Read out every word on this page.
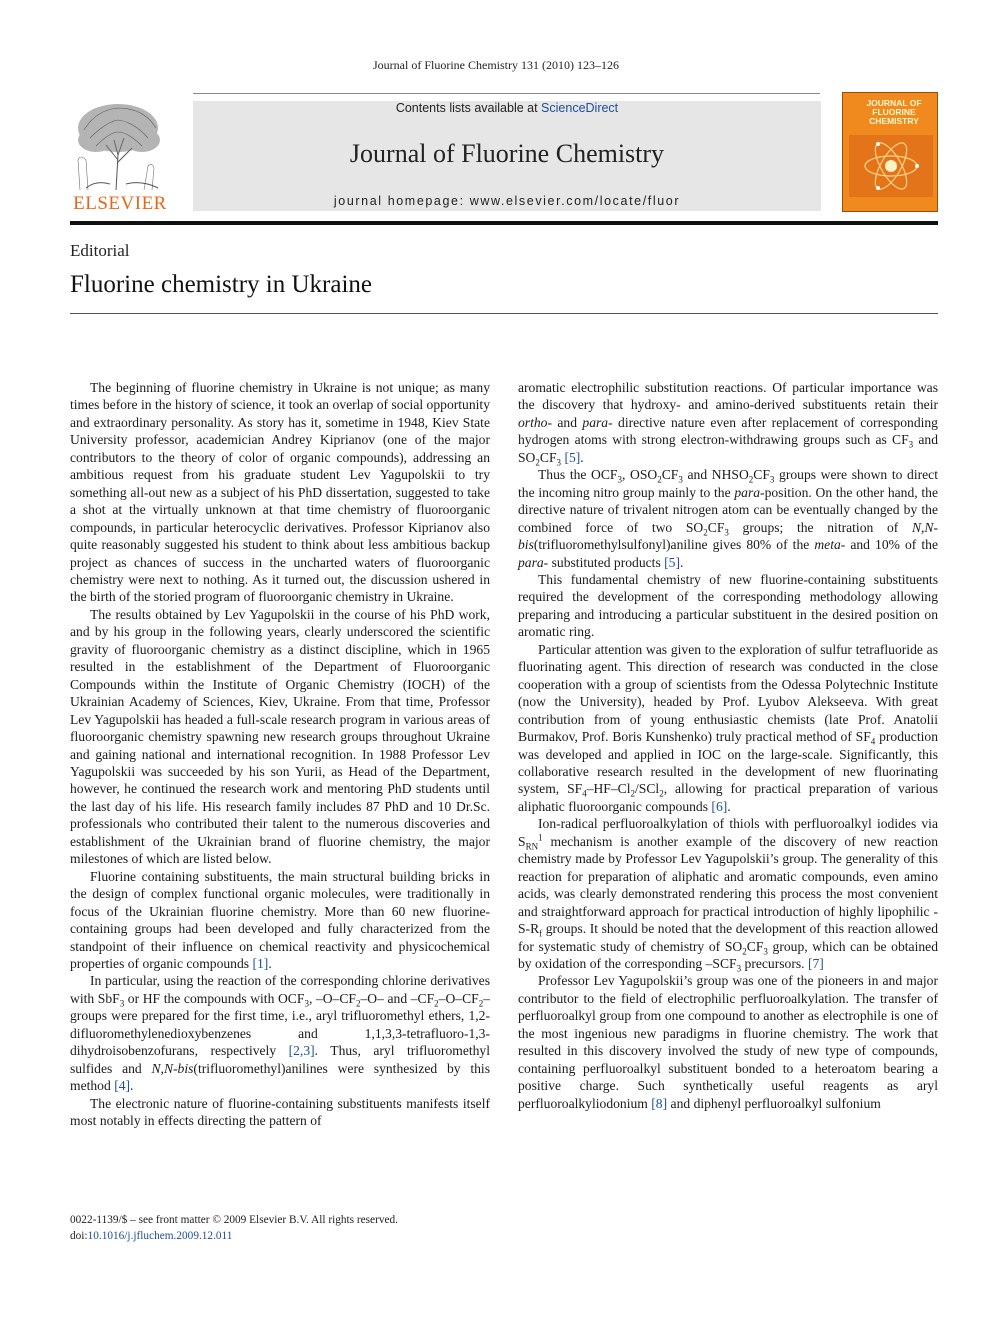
Journal of Fluorine Chemistry 131 (2010) 123–126
ELSEVIER
Contents lists available at ScienceDirect
Journal of Fluorine Chemistry
journal homepage: www.elsevier.com/locate/fluor
JOURNAL OF
FLUORINE
CHEMISTRY
Editorial
Fluorine chemistry in Ukraine

The beginning of fluorine chemistry in Ukraine is not unique; as many times before in the history of science, it took an overlap of social opportunity and extraordinary personality. As story has it, sometime in 1948, Kiev State University professor, academician Andrey Kiprianov (one of the major contributors to the theory of color of organic compounds), addressing an ambitious request from his graduate student Lev Yagupolskii to try something all-out new as a subject of his PhD dissertation, suggested to take a shot at the virtually unknown at that time chemistry of fluoroorganic compounds, in particular heterocyclic derivatives. Professor Kiprianov also quite reasonably suggested his student to think about less ambitious backup project as chances of success in the uncharted waters of fluoroorganic chemistry were next to nothing. As it turned out, the discussion ushered in the birth of the storied program of fluoroorganic chemistry in Ukraine.

The results obtained by Lev Yagupolskii in the course of his PhD work, and by his group in the following years, clearly underscored the scientific gravity of fluoroorganic chemistry as a distinct discipline, which in 1965 resulted in the establishment of the Department of Fluoroorganic Compounds within the Institute of Organic Chemistry (IOCH) of the Ukrainian Academy of Sciences, Kiev, Ukraine. From that time, Professor Lev Yagupolskii has headed a full-scale research program in various areas of fluoroorganic chemistry spawning new research groups throughout Ukraine and gaining national and international recognition. In 1988 Professor Lev Yagupolskii was succeeded by his son Yurii, as Head of the Department, however, he continued the research work and mentoring PhD students until the last day of his life. His research family includes 87 PhD and 10 Dr.Sc. professionals who contributed their talent to the numerous discoveries and establishment of the Ukrainian brand of fluorine chemistry, the major milestones of which are listed below.

Fluorine containing substituents, the main structural building bricks in the design of complex functional organic molecules, were traditionally in focus of the Ukrainian fluorine chemistry. More than 60 new fluorine-containing groups had been developed and fully characterized from the standpoint of their influence on chemical reactivity and physicochemical properties of organic compounds [1].

In particular, using the reaction of the corresponding chlorine derivatives with SbF$_3$ or HF the compounds with $OCF_3$, $-O-CF_2-O-$ and $-CF_2-O-CF_2-$ groups were prepared for the first time, i.e., aryl trifluoromethyl ethers, 1,2-difluoromethylenedioxybenzenes and 1,1,3,3-tetrafluoro-1,3-dihydroisobenzofurans, respectively [2,3]. Thus, aryl trifluoromethyl sulfides and N,N-bis(trifluoromethyl)anilines were synthesized by this method [4].

The electronic nature of fluorine-containing substituents manifests itself most notably in effects directing the pattern of

aromatic electrophilic substitution reactions. Of particular importance was the discovery that hydroxy- and amino-derived substituents retain their ortho- and para- directive nature even after replacement of corresponding hydrogen atoms with strong electron-withdrawing groups such as $CF_3$ and $SO_2CF_3$ [5].

Thus the $OCF_3$, $OSO_2CF_3$ and $NHSO_2CF_3$ groups were shown to direct the incoming nitro group mainly to the para-position. On the other hand, the directive nature of trivalent nitrogen atom can be eventually changed by the combined force of two $SO_2CF_3$ groups; the nitration of N,N-bis(trifluoromethylsulfonyl)aniline gives 80% of the meta- and 10% of the para- substituted products [5].

This fundamental chemistry of new fluorine-containing substituents required the development of the corresponding methodology allowing preparing and introducing a particular substituent in the desired position on aromatic ring.

Particular attention was given to the exploration of sulfur tetrafluoride as fluorinating agent. This direction of research was conducted in the close cooperation with a group of scientists from the Odessa Polytechnic Institute (now the University), headed by Prof. Lyubov Alekseeva. With great contribution from of young enthusiastic chemists (late Prof. Anatolii Burmakov, Prof. Boris Kunshenko) truly practical method of $SF_4$ production was developed and applied in IOC on the large-scale. Significantly, this collaborative research resulted in the development of new fluorinating system, $SF_4-HF-Cl_2/SCl_2$, allowing for practical preparation of various aliphatic fluoroorganic compounds [6].

Ion-radical perfluoroalkylation of thiols with perfluoroalkyl iodides via $S_{RN}^1$ mechanism is another example of the discovery of new reaction chemistry made by Professor Lev Yagupolskii’s group. The generality of this reaction for preparation of aliphatic and aromatic compounds, even amino acids, was clearly demonstrated rendering this process the most convenient and straightforward approach for practical introduction of highly lipophilic $-S-R_f$ groups. It should be noted that the development of this reaction allowed for systematic study of chemistry of $SO_2CF_3$ group, which can be obtained by oxidation of the corresponding $-SCF_3$ precursors. [7]

Professor Lev Yagupolskii’s group was one of the pioneers in and major contributor to the field of electrophilic perfluoroalkylation. The transfer of perfluoroalkyl group from one compound to another as electrophile is one of the most ingenious new paradigms in fluorine chemistry. The work that resulted in this discovery involved the study of new type of compounds, containing perfluoroalkyl substituent bonded to a heteroatom bearing a positive charge. Such synthetically useful reagents as aryl perfluoroalkyliodonium [8] and diphenyl perfluoroalkyl sulfonium

0022-1139/$ – see front matter © 2009 Elsevier B.V. All rights reserved.
doi:10.1016/j.jfluchem.2009.12.011
